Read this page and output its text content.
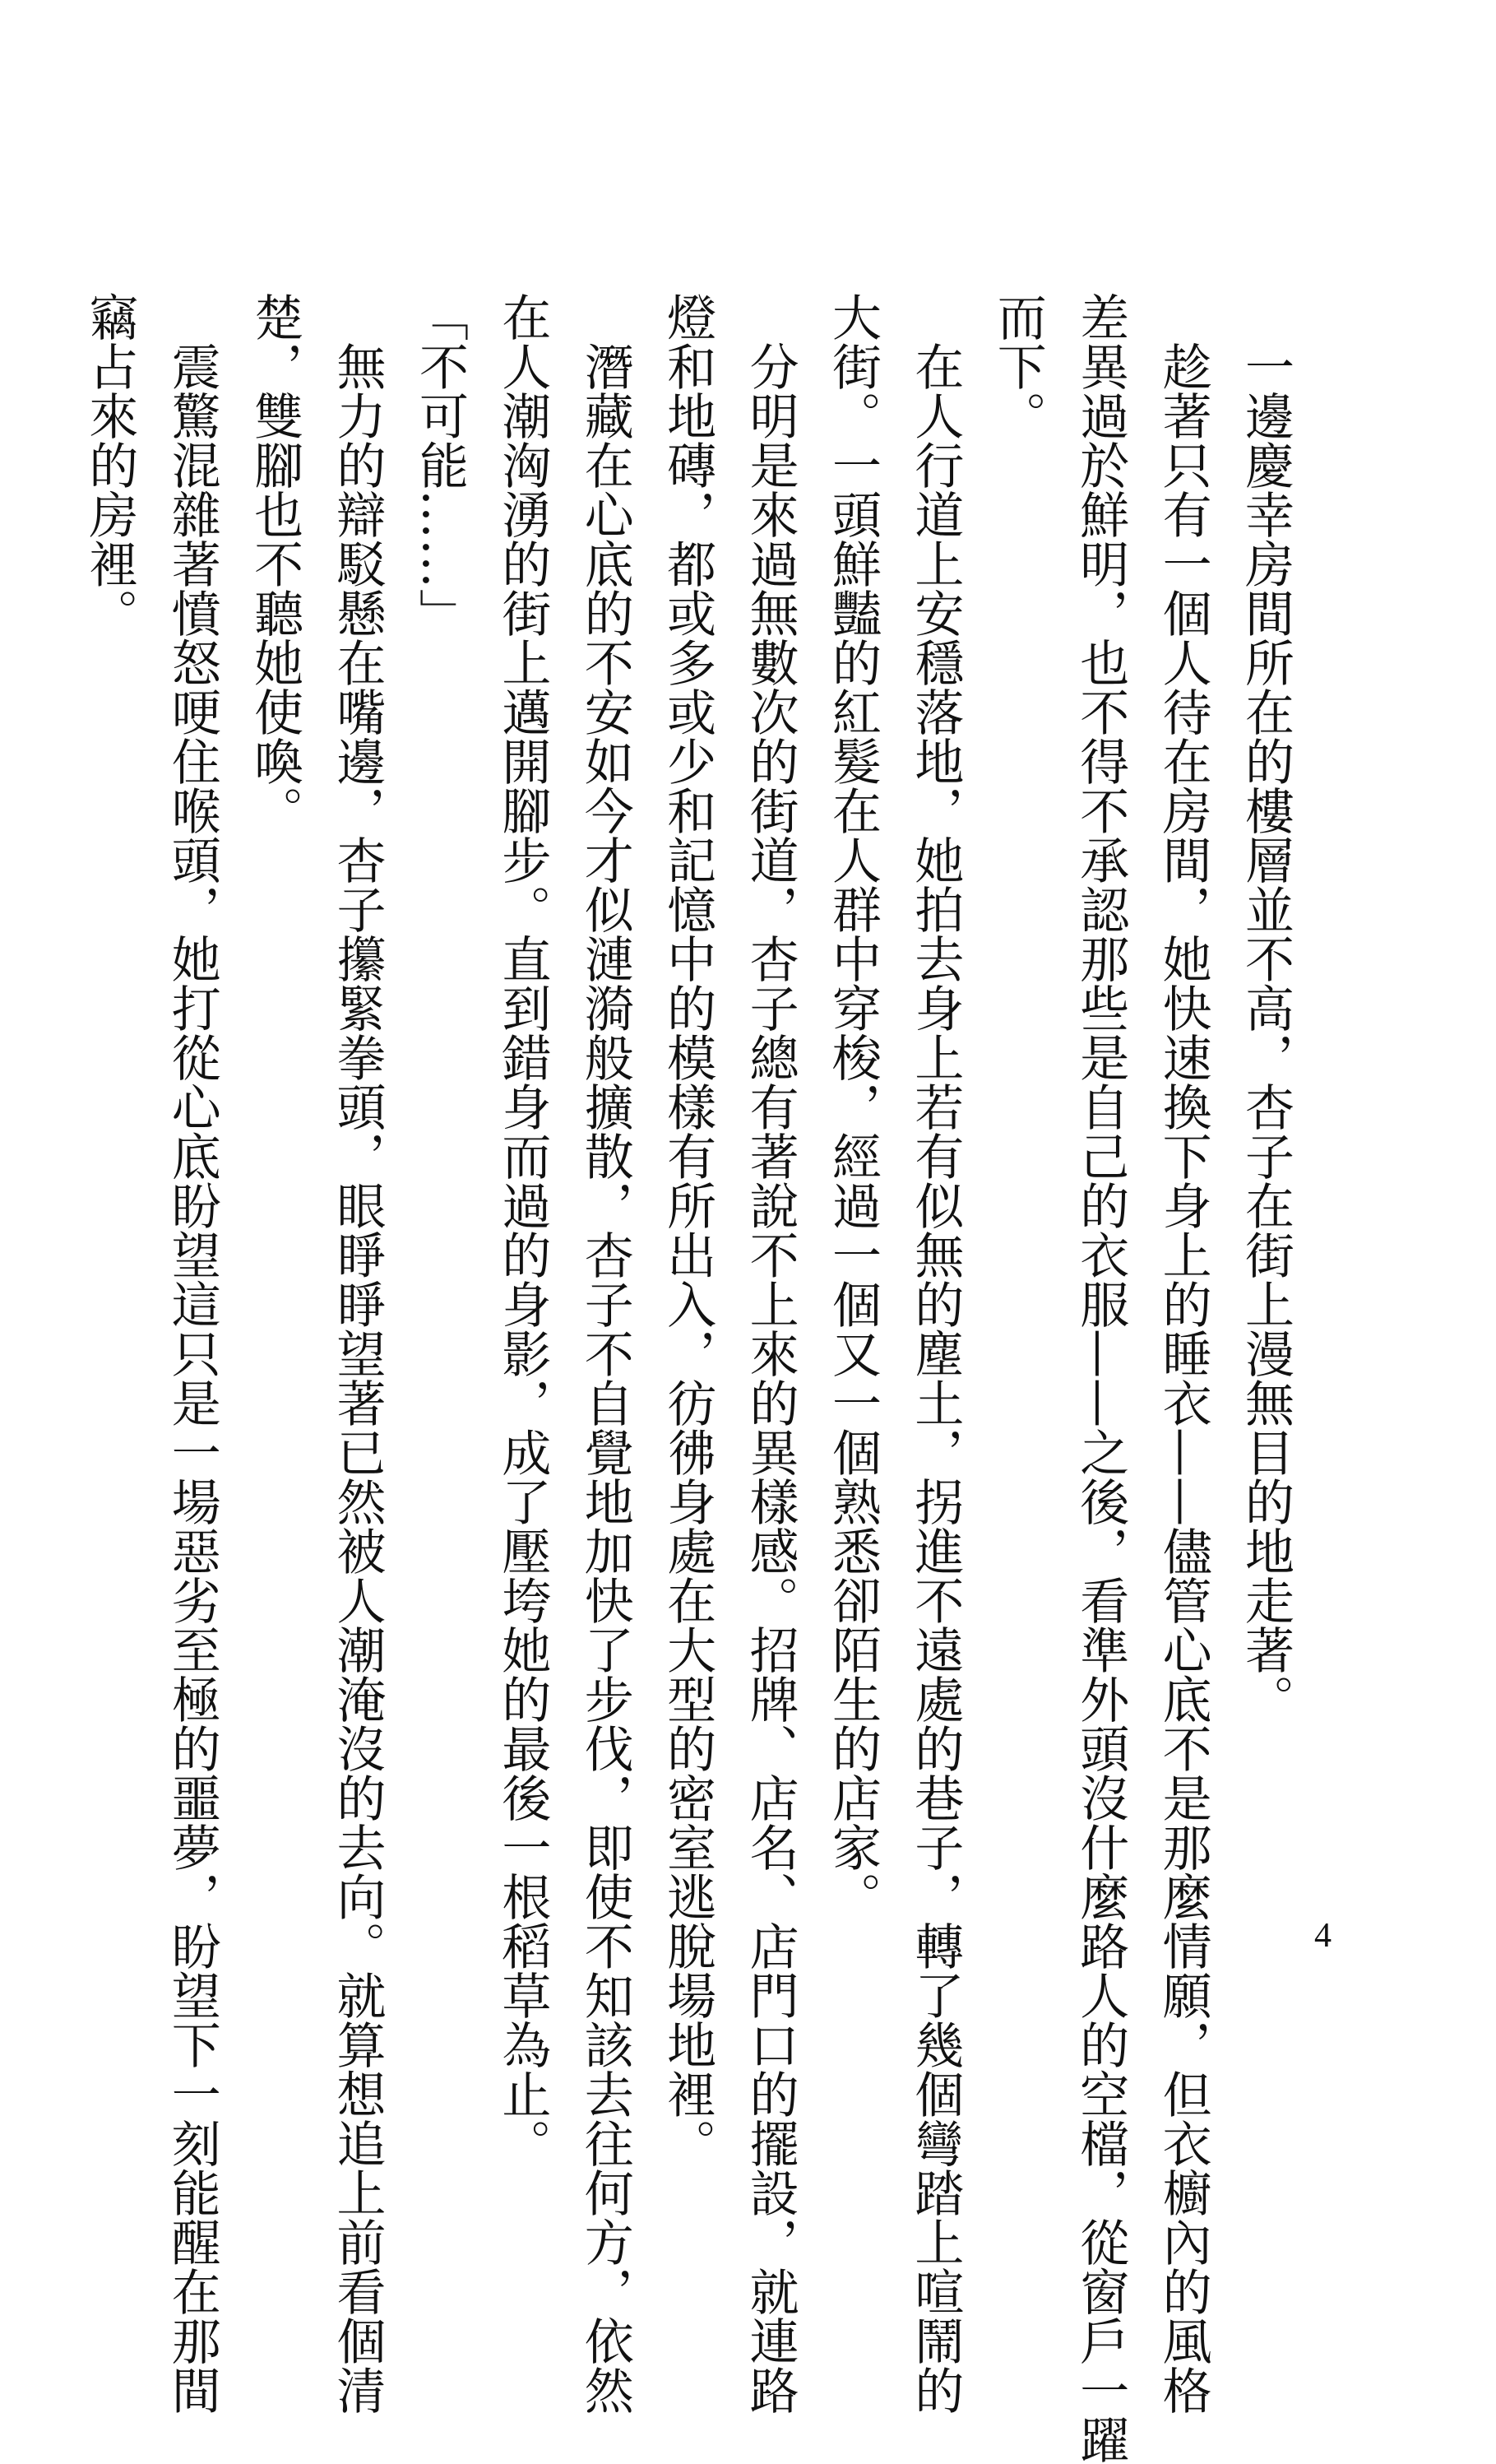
　一邊慶幸房間所在的樓層並不高，杏子在街上漫無目的地走著。
　趁著只有一個人待在房間，她快速換下身上的睡衣——儘管心底不是那麼情願，但衣櫥內的風格
差異過於鮮明，也不得不承認那些是自己的衣服——之後，看準外頭沒什麼路人的空檔，從窗戶一躍
而下。
　在人行道上安穩落地，她拍去身上若有似無的塵土，拐進不遠處的巷子，轉了幾個彎踏上喧鬧的
大街。一頭鮮豔的紅髮在人群中穿梭，經過一個又一個熟悉卻陌生的店家。
　分明是來過無數次的街道，杏子總有著說不上來的異樣感。招牌、店名、店門口的擺設，就連路
燈和地磚，都或多或少和記憶中的模樣有所出入，彷彿身處在大型的密室逃脫場地裡。
　潛藏在心底的不安如今才似漣漪般擴散，杏子不自覺地加快了步伐，即使不知該去往何方，依然
在人潮洶湧的街上邁開腳步。直到錯身而過的身影，成了壓垮她的最後一根稻草為止。
「不可能……」
　無力的辯駁懸在嘴邊，杏子攥緊拳頭，眼睜睜望著已然被人潮淹沒的去向。就算想追上前看個清
楚，雙腳也不聽她使喚。
　震驚混雜著憤怒哽住喉頭，她打從心底盼望這只是一場惡劣至極的噩夢，盼望下一刻能醒在那間
竊占來的房裡。
4
